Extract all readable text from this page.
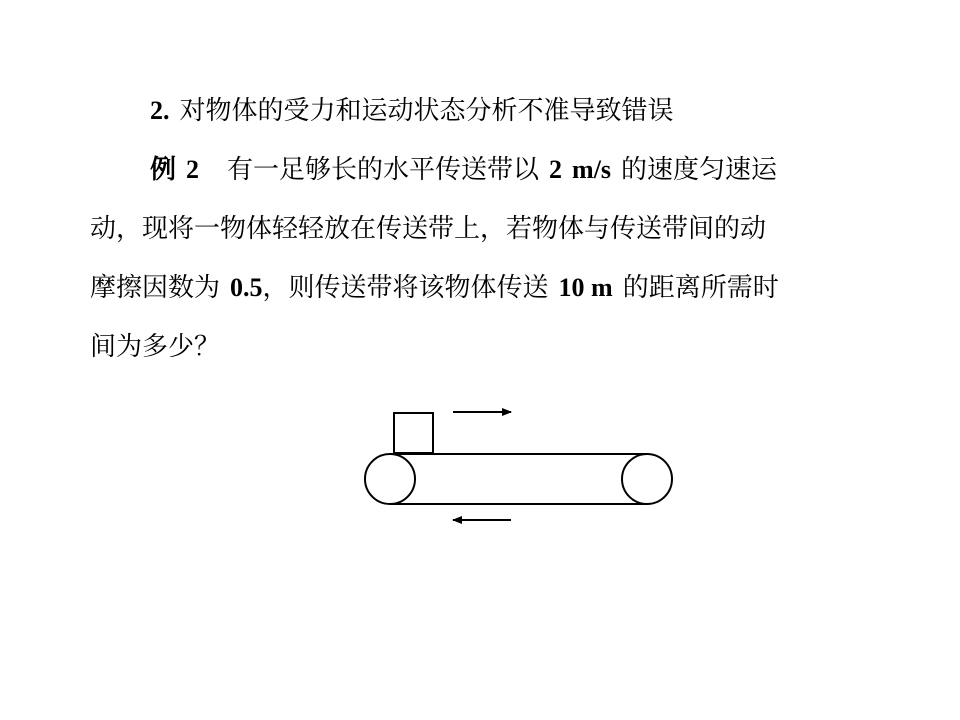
2. 对物体的受力和运动状态分析不准导致错误
例 2 有一足够长的水平传送带以 2 m/s 的速度匀速运
动，现将一物体轻轻放在传送带上，若物体与传送带间的动
摩擦因数为 0.5，则传送带将该物体传送 10 m 的距离所需时
间为多少？
